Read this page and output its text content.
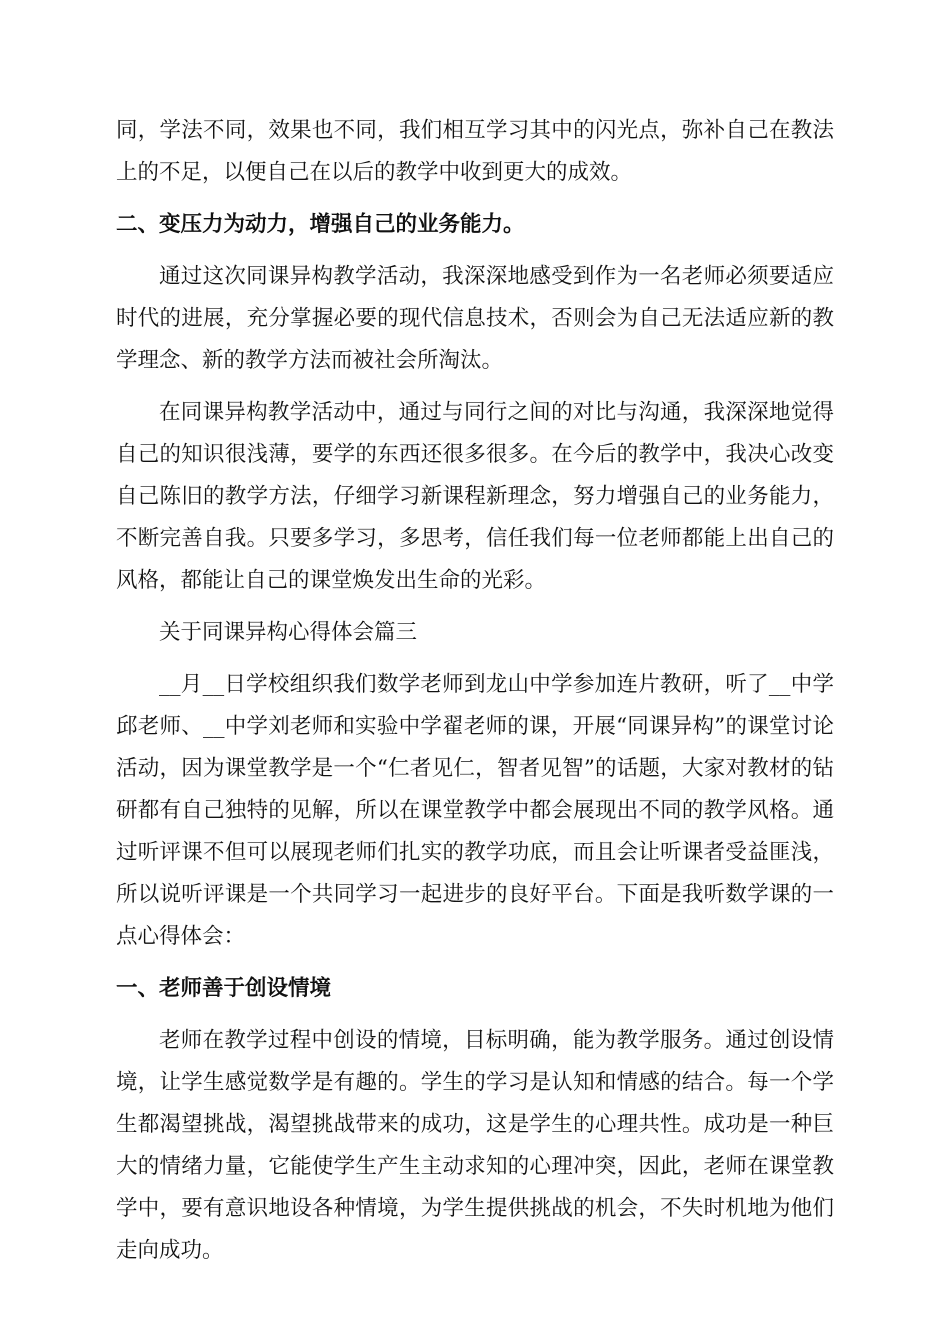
同，学法不同，效果也不同，我们相互学习其中的闪光点，弥补自己在教法上的不足，以便自己在以后的教学中收到更大的成效。

二、变压力为动力，增强自己的业务能力。

通过这次同课异构教学活动，我深深地感受到作为一名老师必须要适应时代的进展，充分掌握必要的现代信息技术，否则会为自己无法适应新的教学理念、新的教学方法而被社会所淘汰。

在同课异构教学活动中，通过与同行之间的对比与沟通，我深深地觉得自己的知识很浅薄，要学的东西还很多很多。在今后的教学中，我决心改变自己陈旧的教学方法，仔细学习新课程新理念，努力增强自己的业务能力，不断完善自我。只要多学习，多思考，信任我们每一位老师都能上出自己的风格，都能让自己的课堂焕发出生命的光彩。

关于同课异构心得体会篇三

__月__日学校组织我们数学老师到龙山中学参加连片教研，听了__中学邱老师、__中学刘老师和实验中学翟老师的课，开展“同课异构”的课堂讨论活动，因为课堂教学是一个“仁者见仁，智者见智”的话题，大家对教材的钻研都有自己独特的见解，所以在课堂教学中都会展现出不同的教学风格。通过听评课不但可以展现老师们扎实的教学功底，而且会让听课者受益匪浅，所以说听评课是一个共同学习一起进步的良好平台。下面是我听数学课的一点心得体会：

一、老师善于创设情境

老师在教学过程中创设的情境，目标明确，能为教学服务。通过创设情境，让学生感觉数学是有趣的。学生的学习是认知和情感的结合。每一个学生都渴望挑战，渴望挑战带来的成功，这是学生的心理共性。成功是一种巨大的情绪力量，它能使学生产生主动求知的心理冲突，因此，老师在课堂教学中，要有意识地设各种情境，为学生提供挑战的机会，不失时机地为他们走向成功。
